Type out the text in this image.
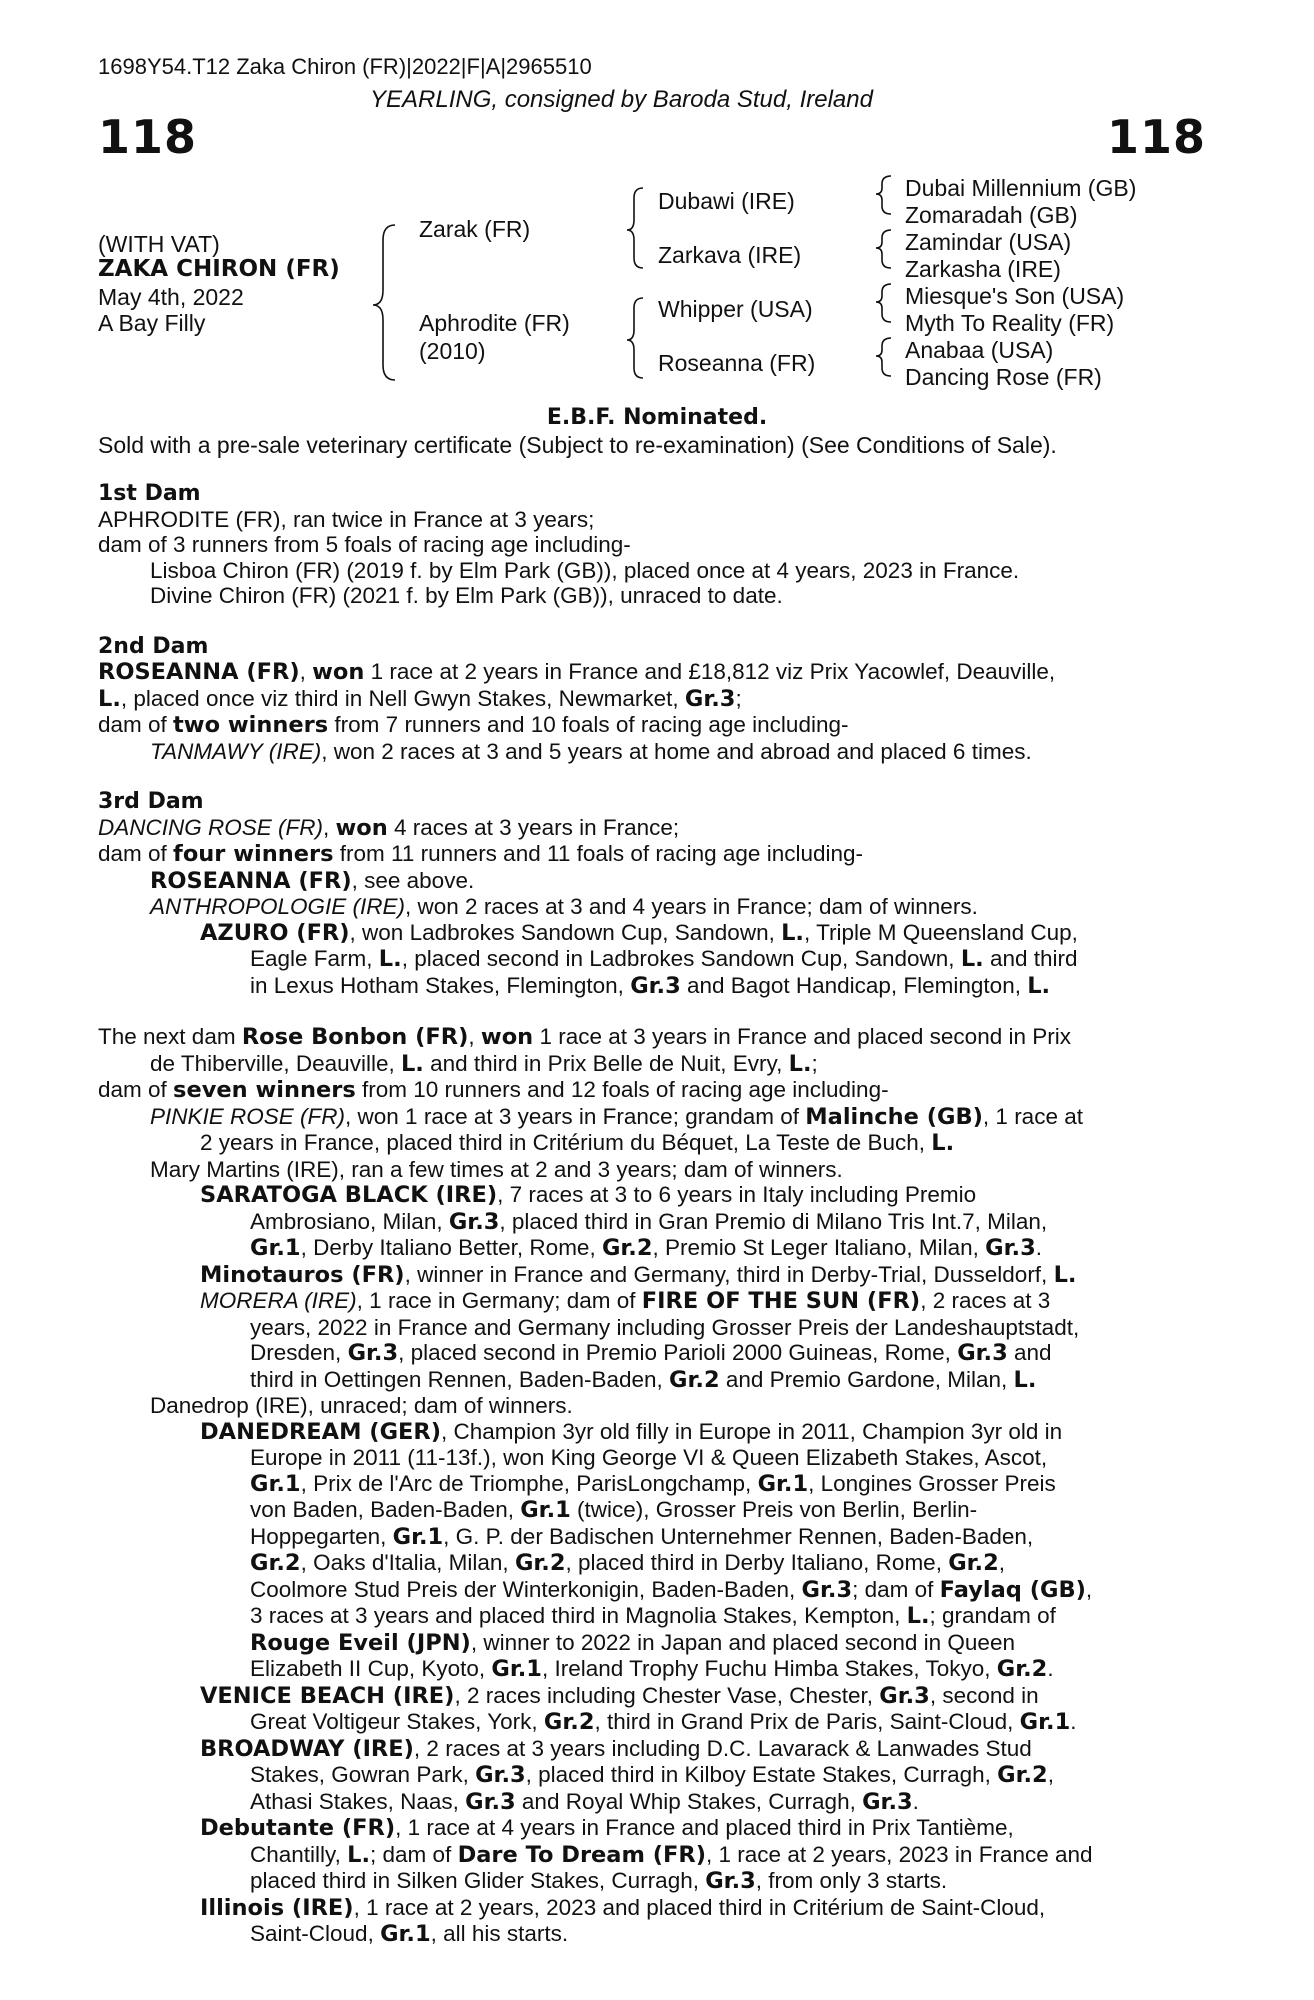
1698Y54.T12 Zaka Chiron (FR)|2022|F|A|2965510
YEARLING, consigned by Baroda Stud, Ireland
118	118
(WITH VAT)
ZAKA CHIRON (FR)
May 4th, 2022
A Bay Filly
Zarak (FR)
Aphrodite (FR)
(2010)
Dubawi (IRE)
Zarkava (IRE)
Whipper (USA)
Roseanna (FR)
Dubai Millennium (GB)
Zomaradah (GB)
Zamindar (USA)
Zarkasha (IRE)
Miesque's Son (USA)
Myth To Reality (FR)
Anabaa (USA)
Dancing Rose (FR)
E.B.F. Nominated.
Sold with a pre-sale veterinary certificate (Subject to re-examination) (See Conditions of Sale).
1st Dam
APHRODITE (FR), ran twice in France at 3 years;
dam of 3 runners from 5 foals of racing age including-
Lisboa Chiron (FR) (2019 f. by Elm Park (GB)), placed once at 4 years, 2023 in France.
Divine Chiron (FR) (2021 f. by Elm Park (GB)), unraced to date.
2nd Dam
ROSEANNA (FR), won 1 race at 2 years in France and £18,812 viz Prix Yacowlef, Deauville,
L., placed once viz third in Nell Gwyn Stakes, Newmarket, Gr.3;
dam of two winners from 7 runners and 10 foals of racing age including-
TANMAWY (IRE), won 2 races at 3 and 5 years at home and abroad and placed 6 times.
3rd Dam
DANCING ROSE (FR), won 4 races at 3 years in France;
dam of four winners from 11 runners and 11 foals of racing age including-
ROSEANNA (FR), see above.
ANTHROPOLOGIE (IRE), won 2 races at 3 and 4 years in France; dam of winners.
AZURO (FR), won Ladbrokes Sandown Cup, Sandown, L., Triple M Queensland Cup,
Eagle Farm, L., placed second in Ladbrokes Sandown Cup, Sandown, L. and third
in Lexus Hotham Stakes, Flemington, Gr.3 and Bagot Handicap, Flemington, L.
The next dam Rose Bonbon (FR), won 1 race at 3 years in France and placed second in Prix
de Thiberville, Deauville, L. and third in Prix Belle de Nuit, Evry, L.;
dam of seven winners from 10 runners and 12 foals of racing age including-
PINKIE ROSE (FR), won 1 race at 3 years in France; grandam of Malinche (GB), 1 race at
2 years in France, placed third in Critérium du Béquet, La Teste de Buch, L.
Mary Martins (IRE), ran a few times at 2 and 3 years; dam of winners.
SARATOGA BLACK (IRE), 7 races at 3 to 6 years in Italy including Premio
Ambrosiano, Milan, Gr.3, placed third in Gran Premio di Milano Tris Int.7, Milan,
Gr.1, Derby Italiano Better, Rome, Gr.2, Premio St Leger Italiano, Milan, Gr.3.
Minotauros (FR), winner in France and Germany, third in Derby-Trial, Dusseldorf, L.
MORERA (IRE), 1 race in Germany; dam of FIRE OF THE SUN (FR), 2 races at 3
years, 2022 in France and Germany including Grosser Preis der Landeshauptstadt,
Dresden, Gr.3, placed second in Premio Parioli 2000 Guineas, Rome, Gr.3 and
third in Oettingen Rennen, Baden-Baden, Gr.2 and Premio Gardone, Milan, L.
Danedrop (IRE), unraced; dam of winners.
DANEDREAM (GER), Champion 3yr old filly in Europe in 2011, Champion 3yr old in
Europe in 2011 (11-13f.), won King George VI & Queen Elizabeth Stakes, Ascot,
Gr.1, Prix de l'Arc de Triomphe, ParisLongchamp, Gr.1, Longines Grosser Preis
von Baden, Baden-Baden, Gr.1 (twice), Grosser Preis von Berlin, Berlin-
Hoppegarten, Gr.1, G. P. der Badischen Unternehmer Rennen, Baden-Baden,
Gr.2, Oaks d'Italia, Milan, Gr.2, placed third in Derby Italiano, Rome, Gr.2,
Coolmore Stud Preis der Winterkonigin, Baden-Baden, Gr.3; dam of Faylaq (GB),
3 races at 3 years and placed third in Magnolia Stakes, Kempton, L.; grandam of
Rouge Eveil (JPN), winner to 2022 in Japan and placed second in Queen
Elizabeth II Cup, Kyoto, Gr.1, Ireland Trophy Fuchu Himba Stakes, Tokyo, Gr.2.
VENICE BEACH (IRE), 2 races including Chester Vase, Chester, Gr.3, second in
Great Voltigeur Stakes, York, Gr.2, third in Grand Prix de Paris, Saint-Cloud, Gr.1.
BROADWAY (IRE), 2 races at 3 years including D.C. Lavarack & Lanwades Stud
Stakes, Gowran Park, Gr.3, placed third in Kilboy Estate Stakes, Curragh, Gr.2,
Athasi Stakes, Naas, Gr.3 and Royal Whip Stakes, Curragh, Gr.3.
Debutante (FR), 1 race at 4 years in France and placed third in Prix Tantième,
Chantilly, L.; dam of Dare To Dream (FR), 1 race at 2 years, 2023 in France and
placed third in Silken Glider Stakes, Curragh, Gr.3, from only 3 starts.
Illinois (IRE), 1 race at 2 years, 2023 and placed third in Critérium de Saint-Cloud,
Saint-Cloud, Gr.1, all his starts.
